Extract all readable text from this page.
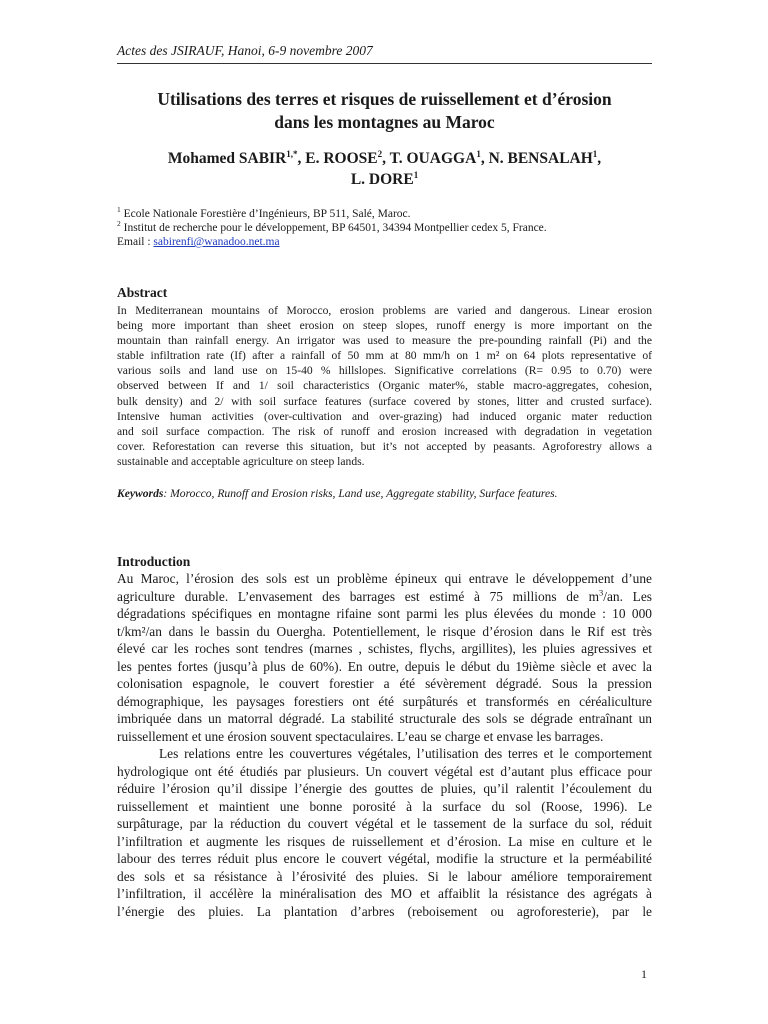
Actes des JSIRAUF, Hanoi, 6-9 novembre 2007
Utilisations des terres et risques de ruissellement et d’érosion
dans les montagnes au Maroc
Mohamed $SABIR^{1,*}$, E. ROOSE$^2$, T. OUAGGA$^1$, N. BENSALAH$^1$,
L. DORE$^1$
$^1$ Ecole Nationale Forestière d’Ingénieurs, BP 511, Salé, Maroc.
$^2$ Institut de recherche pour le développement, BP 64501, 34394 Montpellier cedex 5, France.
Email : sabirenfi@wanadoo.net.ma
Abstract
In Mediterranean mountains of Morocco, erosion problems are varied and dangerous. Linear erosion
being more important than sheet erosion on steep slopes, runoff energy is more important on the
mountain than rainfall energy. An irrigator was used to measure the pre-pounding rainfall (Pi) and the
stable infiltration rate (If) after a rainfall of 50 mm at 80 mm/h on 1 m² on 64 plots representative of
various soils and land use on 15-40 % hillslopes. Significative correlations (R= 0.95 to 0.70) were
observed between If and 1/ soil characteristics (Organic mater%, stable macro-aggregates, cohesion,
bulk density) and 2/ with soil surface features (surface covered by stones, litter and crusted surface).
Intensive human activities (over-cultivation and over-grazing) had induced organic mater reduction
and soil surface compaction. The risk of runoff and erosion increased with degradation in vegetation
cover. Reforestation can reverse this situation, but it’s not accepted by peasants. Agroforestry allows a
sustainable and acceptable agriculture on steep lands.
Keywords: Morocco, Runoff and Erosion risks, Land use, Aggregate stability, Surface features.
Introduction
Au Maroc, l’érosion des sols est un problème épineux qui entrave le développement d’une
agriculture durable. L’envasement des barrages est estimé à 75 millions de $m^3/an$. Les
dégradations spécifiques en montagne rifaine sont parmi les plus élevées du monde : 10 000
t/km²/an dans le bassin du Ouergha. Potentiellement, le risque d’érosion dans le Rif est très
élevé car les roches sont tendres (marnes , schistes, flychs, argillites), les pluies agressives et
les pentes fortes (jusqu’à plus de 60%). En outre, depuis le début du 19ième siècle et avec la
colonisation espagnole, le couvert forestier a été sévèrement dégradé. Sous la pression
démographique, les paysages forestiers ont été surpâturés et transformés en céréaliculture
imbriquée dans un matorral dégradé. La stabilité structurale des sols se dégrade entraînant un
ruissellement et une érosion souvent spectaculaires. L’eau se charge et envase les barrages.
Les relations entre les couvertures végétales, l’utilisation des terres et le comportement
hydrologique ont été étudiés par plusieurs. Un couvert végétal est d’autant plus efficace pour
réduire l’érosion qu’il dissipe l’énergie des gouttes de pluies, qu’il ralentit l’écoulement du
ruissellement et maintient une bonne porosité à la surface du sol (Roose, 1996). Le
surpâturage, par la réduction du couvert végétal et le tassement de la surface du sol, réduit
l’infiltration et augmente les risques de ruissellement et d’érosion. La mise en culture et le
labour des terres réduit plus encore le couvert végétal, modifie la structure et la perméabilité
des sols et sa résistance à l’érosivité des pluies. Si le labour améliore temporairement
l’infiltration, il accélère la minéralisation des MO et affaiblit la résistance des agrégats à
l’énergie des pluies. La plantation d’arbres (reboisement ou agroforesterie), par le
1
